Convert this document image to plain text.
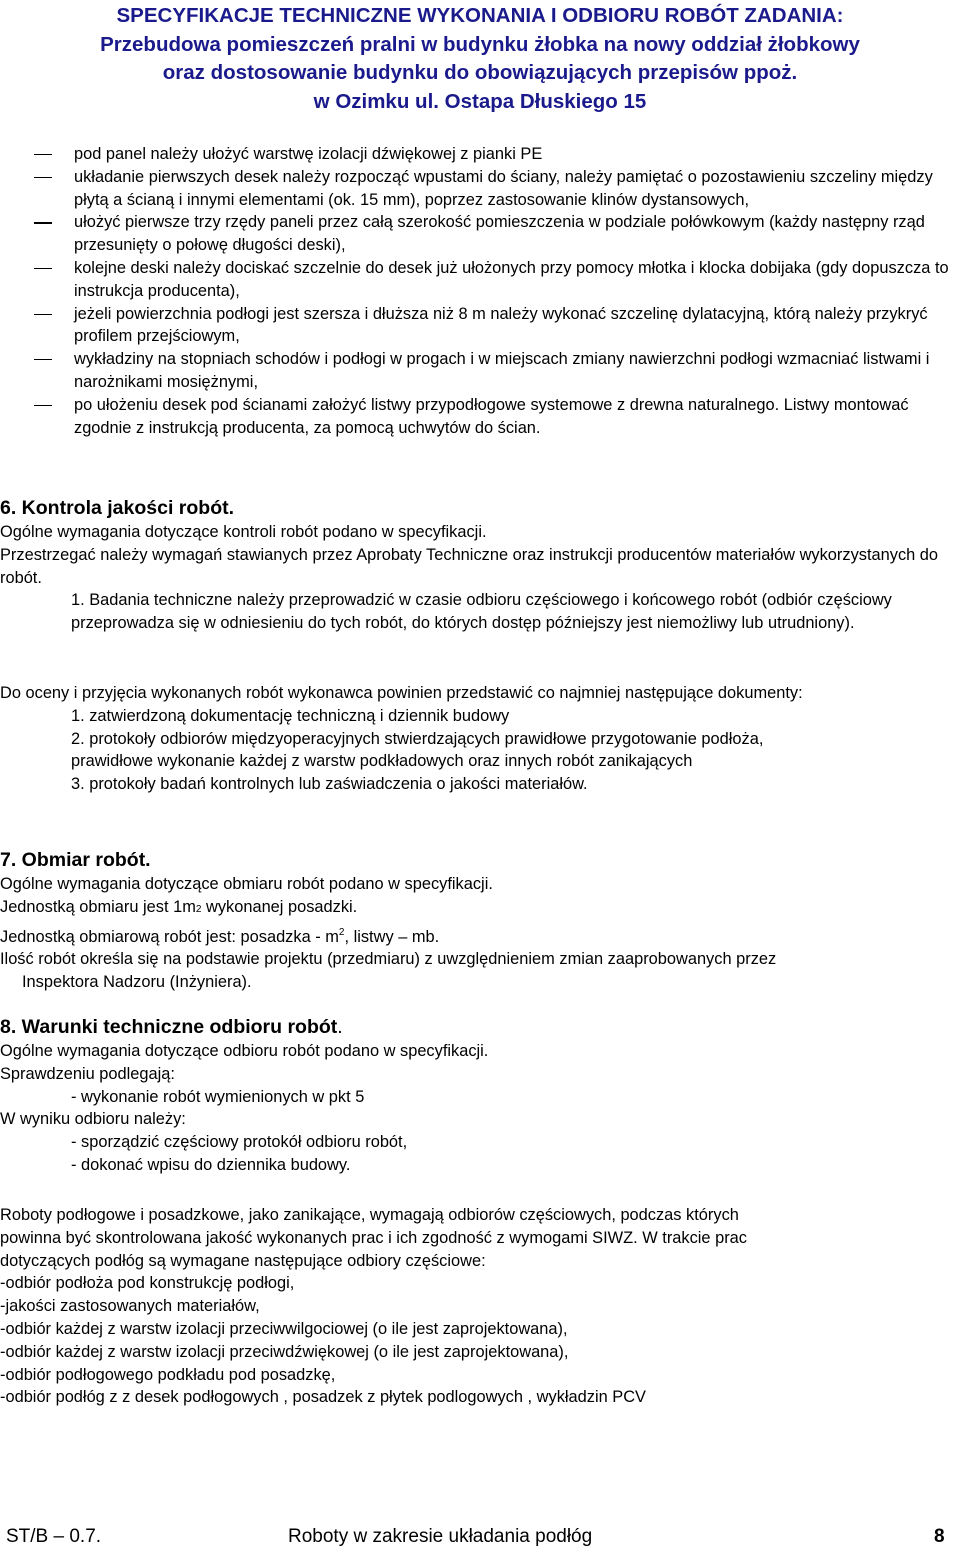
SPECYFIKACJE TECHNICZNE WYKONANIA I ODBIORU ROBÓT ZADANIA:
Przebudowa pomieszczeń pralni w budynku żłobka na nowy oddział żłobkowy
oraz dostosowanie budynku do obowiązujących przepisów ppoż.
w Ozimku ul. Ostapa Dłuskiego 15
pod panel należy ułożyć warstwę izolacji dźwiękowej z pianki PE
układanie pierwszych desek należy rozpocząć wpustami do ściany, należy pamiętać o pozostawieniu szczeliny między płytą a ścianą i innymi elementami (ok. 15 mm), poprzez zastosowanie klinów dystansowych,
ułożyć pierwsze trzy rzędy paneli przez całą szerokość pomieszczenia w podziale połówkowym (każdy następny rząd przesunięty o połowę długości deski),
kolejne deski należy dociskać szczelnie do desek już ułożonych przy pomocy młotka i klocka dobijaka (gdy dopuszcza to instrukcja producenta),
jeżeli powierzchnia podłogi jest szersza i dłuższa niż 8 m należy wykonać szczelinę dylatacyjną, którą należy przykryć profilem przejściowym,
wykładziny na stopniach schodów i podłogi w progach i w miejscach zmiany nawierzchni podłogi wzmacniać listwami i narożnikami mosiężnymi,
po ułożeniu desek pod ścianami założyć listwy przypodłogowe systemowe z drewna naturalnego. Listwy montować zgodnie z instrukcją producenta, za pomocą uchwytów do ścian.
6. Kontrola jakości robót.
Ogólne wymagania dotyczące kontroli robót podano w specyfikacji.
Przestrzegać należy wymagań stawianych przez Aprobaty Techniczne oraz instrukcji producentów materiałów wykorzystanych do robót.
1. Badania techniczne należy przeprowadzić w czasie odbioru częściowego i końcowego robót (odbiór częściowy przeprowadza się w odniesieniu do tych robót, do których dostęp późniejszy jest niemożliwy lub utrudniony).
Do oceny i przyjęcia wykonanych robót wykonawca powinien przedstawić co najmniej następujące dokumenty:
1. zatwierdzoną dokumentację techniczną i dziennik budowy
2. protokoły odbiorów międzyoperacyjnych stwierdzających prawidłowe przygotowanie podłoża,
prawidłowe wykonanie każdej z warstw podkładowych oraz innych robót zanikających
3. protokoły badań kontrolnych lub zaświadczenia o jakości materiałów.
7. Obmiar robót.
Ogólne wymagania dotyczące obmiaru robót podano w specyfikacji.
Jednostką obmiaru jest 1m2 wykonanej posadzki.
Jednostką obmiarową robót jest: posadzka - $m^2$, listwy – mb.
Ilość robót określa się na podstawie projektu (przedmiaru) z uwzględnieniem zmian zaaprobowanych przez
Inspektora Nadzoru (Inżyniera).
8. Warunki techniczne odbioru robót.
Ogólne wymagania dotyczące odbioru robót podano w specyfikacji.
Sprawdzeniu podlegają:
- wykonanie robót wymienionych w pkt 5
W wyniku odbioru należy:
- sporządzić częściowy protokół odbioru robót,
- dokonać wpisu do dziennika budowy.
Roboty podłogowe i posadzkowe, jako zanikające, wymagają odbiorów częściowych, podczas których
powinna być skontrolowana jakość wykonanych prac i ich zgodność z wymogami SIWZ. W trakcie prac
dotyczących podłóg są wymagane następujące odbiory częściowe:
-odbiór podłoża pod konstrukcję podłogi,
-jakości zastosowanych materiałów,
-odbiór każdej z warstw izolacji przeciwwilgociowej (o ile jest zaprojektowana),
-odbiór każdej z warstw izolacji przeciwdźwiękowej (o ile jest zaprojektowana),
-odbiór podłogowego podkładu pod posadzkę,
-odbiór podłóg z z desek podłogowych , posadzek z płytek podlogowych , wykładzin PCV
ST/B – 0.7.	Roboty w zakresie układania podłóg	8
